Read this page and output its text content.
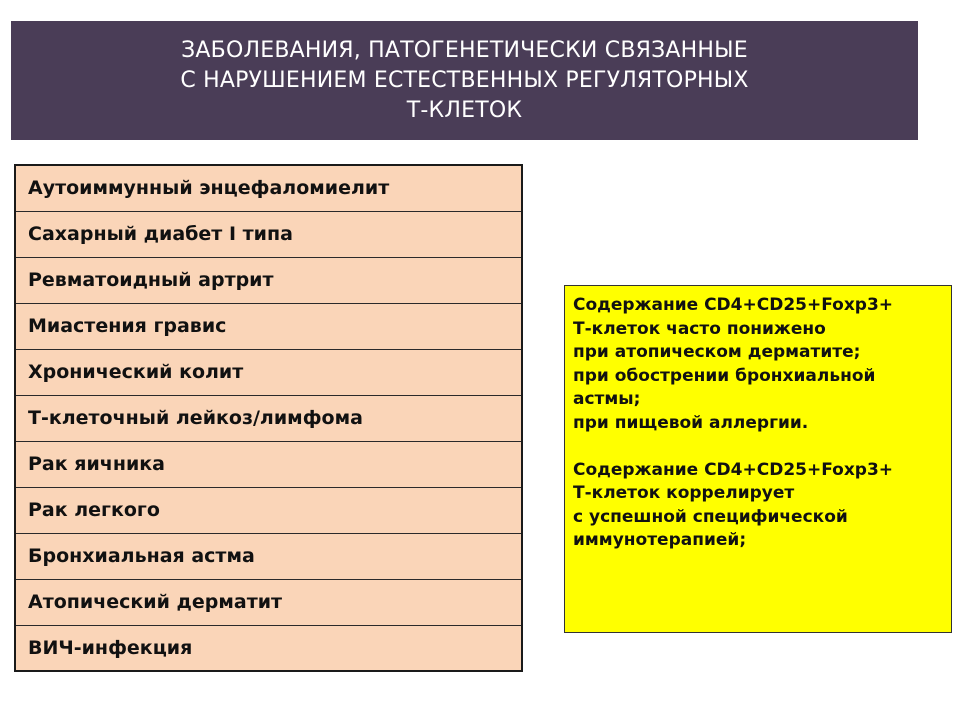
ЗАБОЛЕВАНИЯ, ПАТОГЕНЕТИЧЕСКИ СВЯЗАННЫЕ
С НАРУШЕНИЕМ ЕСТЕСТВЕННЫХ РЕГУЛЯТОРНЫХ
Т-КЛЕТОК
Аутоиммунный энцефаломиелит
Сахарный диабет I типа
Ревматоидный артрит
Миастения гравис
Хронический колит
Т-клеточный лейкоз/лимфома
Рак яичника
Рак легкого
Бронхиальная астма
Атопический дерматит
ВИЧ-инфекция
Содержание CD4+CD25+Foxp3+
Т-клеток часто понижено
при атопическом дерматите;
при обострении бронхиальной
астмы;
при пищевой аллергии.
Содержание CD4+CD25+Foxp3+
Т-клеток коррелирует
с успешной специфической
иммунотерапией;
